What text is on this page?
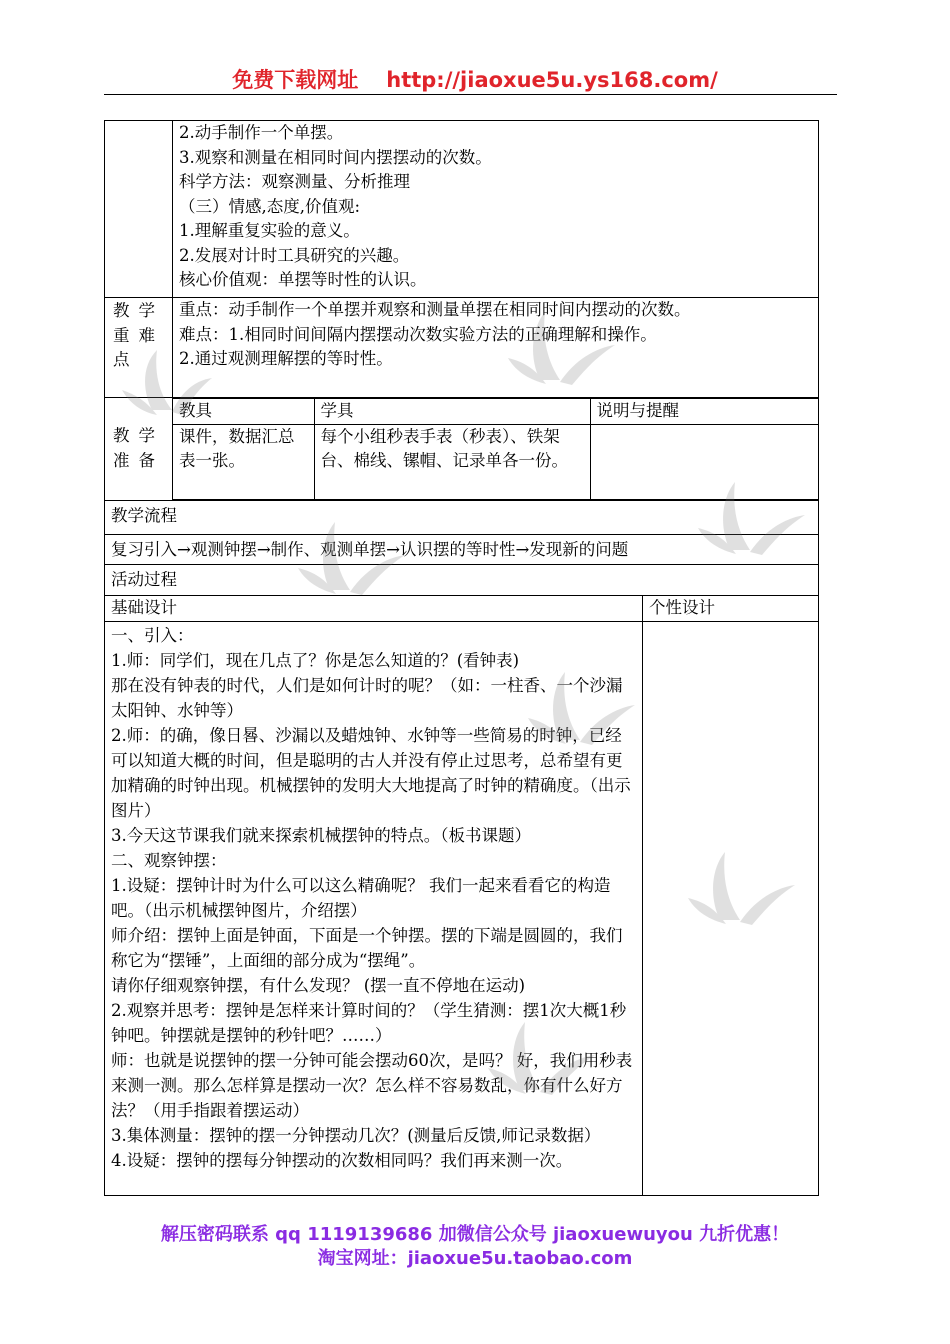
免费下载网址 http://jiaoxue5u.ys168.com/

2.动手制作一个单摆。
3.观察和测量在相同时间内摆摆动的次数。
科学方法：观察测量、分析推理
（三）情感,态度,价值观:
1.理解重复实验的意义。
2.发展对计时工具研究的兴趣。
核心价值观：单摆等时性的认识。

教学重难点	
重点：动手制作一个单摆并观察和测量单摆在相同时间内摆动的次数。
难点：1.相同时间间隔内摆摆动次数实验方法的正确理解和操作。
2.通过观测理解摆的等时性。

教学准备	
教具	学具	说明与提醒
课件，数据汇总表一张。	每个小组秒表手表（秒表）、铁架台、棉线、镙帽、记录单各一份。	

教学流程
复习引入→观测钟摆→制作、观测单摆→认识摆的等时性→发现新的问题
活动过程
基础设计	个性设计

一、引入：
1.师：同学们，现在几点了？你是怎么知道的？(看钟表)
那在没有钟表的时代，人们是如何计时的呢？（如：一柱香、一个沙漏太阳钟、水钟等）
2.师：的确，像日晷、沙漏以及蜡烛钟、水钟等一些简易的时钟，已经可以知道大概的时间，但是聪明的古人并没有停止过思考，总希望有更加精确的时钟出现。机械摆钟的发明大大地提高了时钟的精确度。（出示图片）
3.今天这节课我们就来探索机械摆钟的特点。（板书课题）
二、观察钟摆：
1.设疑：摆钟计时为什么可以这么精确呢？ 我们一起来看看它的构造吧。（出示机械摆钟图片，介绍摆）
师介绍：摆钟上面是钟面，下面是一个钟摆。摆的下端是圆圆的，我们称它为“摆锤”，上面细的部分成为“摆绳”。
请你仔细观察钟摆，有什么发现？ (摆一直不停地在运动)
2.观察并思考：摆钟是怎样来计算时间的？（学生猜测：摆1次大概1秒钟吧。钟摆就是摆钟的秒针吧？……）
师：也就是说摆钟的摆一分钟可能会摆动60次，是吗？ 好，我们用秒表来测一测。那么怎样算是摆动一次？怎么样不容易数乱，你有什么好方法？（用手指跟着摆运动）
3.集体测量：摆钟的摆一分钟摆动几次？(测量后反馈,师记录数据）
4.设疑：摆钟的摆每分钟摆动的次数相同吗？我们再来测一次。

解压密码联系 qq 1119139686 加微信公众号 jiaoxuewuyou 九折优惠！
淘宝网址：jiaoxue5u.taobao.com
